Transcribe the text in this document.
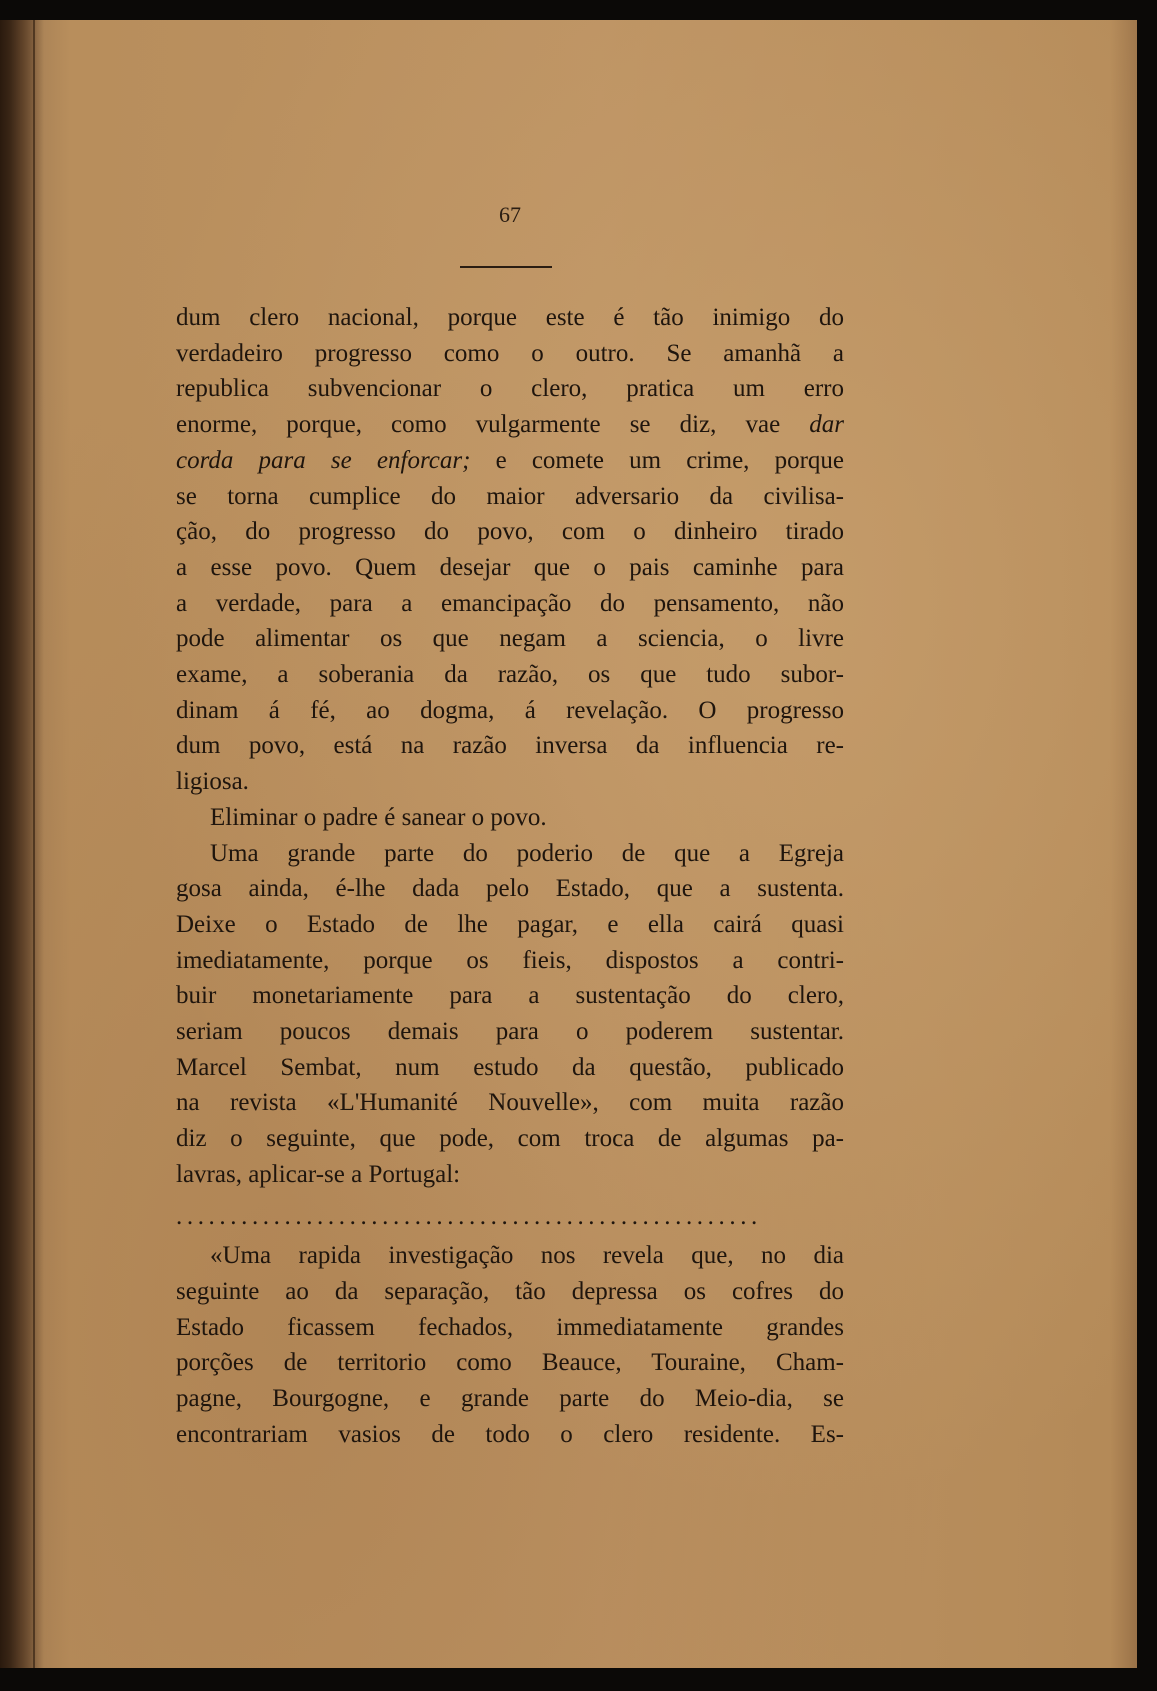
67

dum clero nacional, porque este é tão inimigo do
verdadeiro progresso como o outro. Se amanhã a
republica subvencionar o clero, pratica um erro
enorme, porque, como vulgarmente se diz, vae dar
corda para se enforcar; e comete um crime, porque
se torna cumplice do maior adversario da civilisa-
ção, do progresso do povo, com o dinheiro tirado
a esse povo. Quem desejar que o pais caminhe para
a verdade, para a emancipação do pensamento, não
pode alimentar os que negam a sciencia, o livre
exame, a soberania da razão, os que tudo subor-
dinam á fé, ao dogma, á revelação. O progresso
dum povo, está na razão inversa da influencia re-
ligiosa.

Eliminar o padre é sanear o povo.

Uma grande parte do poderio de que a Egreja
gosa ainda, é-lhe dada pelo Estado, que a sustenta.
Deixe o Estado de lhe pagar, e ella cairá quasi
imediatamente, porque os fieis, dispostos a contri-
buir monetariamente para a sustentação do clero,
seriam poucos demais para o poderem sustentar.
Marcel Sembat, num estudo da questão, publicado
na revista «L'Humanité Nouvelle», com muita razão
diz o seguinte, que pode, com troca de algumas pa-
lavras, aplicar-se a Portugal:

......................................................

«Uma rapida investigação nos revela que, no dia
seguinte ao da separação, tão depressa os cofres do
Estado ficassem fechados, immediatamente grandes
porções de territorio como Beauce, Touraine, Cham-
pagne, Bourgogne, e grande parte do Meio-dia, se
encontrariam vasios de todo o clero residente. Es-
